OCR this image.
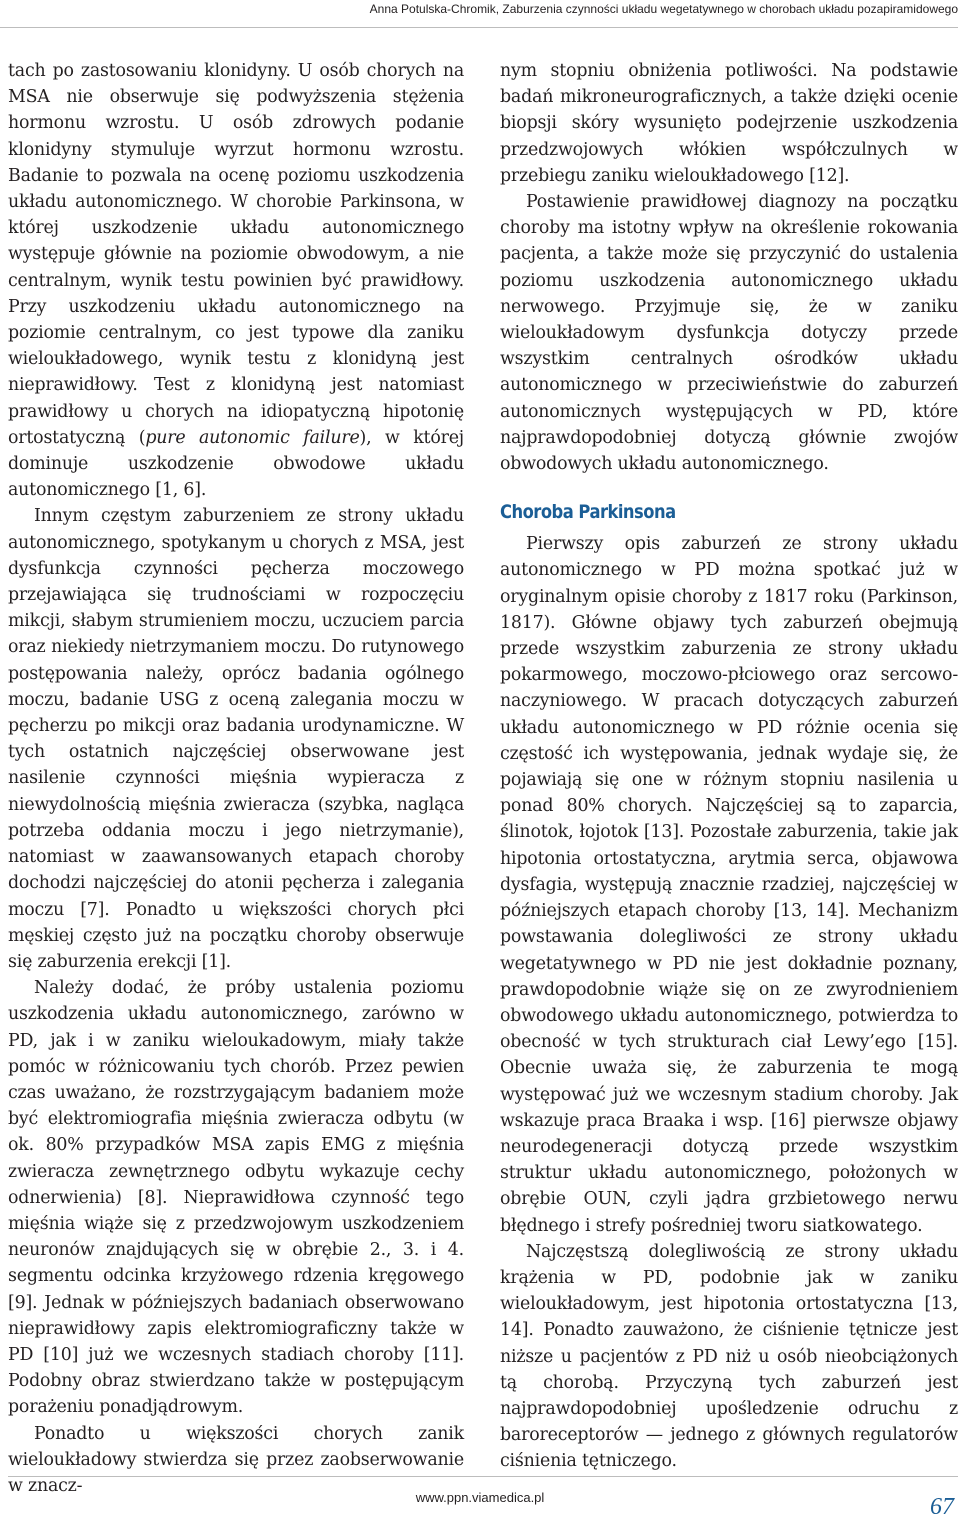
Anna Potulska-Chromik, Zaburzenia czynności układu wegetatywnego w chorobach układu pozapiramidowego

tach po zastosowaniu klonidyny. U osób chorych na MSA nie obserwuje się podwyższenia stężenia hormonu wzrostu. U osób zdrowych podanie klonidyny stymuluje wyrzut hormonu wzrostu. Badanie to pozwala na ocenę poziomu uszkodzenia układu autonomicznego. W chorobie Parkinsona, w której uszkodzenie układu autonomicznego występuje głównie na poziomie obwodowym, a nie centralnym, wynik testu powinien być prawidłowy. Przy uszkodzeniu układu autonomicznego na poziomie centralnym, co jest typowe dla zaniku wieloukładowego, wynik testu z klonidyną jest nieprawidłowy. Test z klonidyną jest natomiast prawidłowy u chorych na idiopatyczną hipotonię ortostatyczną (pure autonomic failure), w której dominuje uszkodzenie obwodowe układu autonomicznego [1, 6].

Innym częstym zaburzeniem ze strony układu autonomicznego, spotykanym u chorych z MSA, jest dysfunkcja czynności pęcherza moczowego przejawiająca się trudnościami w rozpoczęciu mikcji, słabym strumieniem moczu, uczuciem parcia oraz niekiedy nietrzymaniem moczu. Do rutynowego postępowania należy, oprócz badania ogólnego moczu, badanie USG z oceną zalegania moczu w pęcherzu po mikcji oraz badania urodynamiczne. W tych ostatnich najczęściej obserwowane jest nasilenie czynności mięśnia wypieracza z niewydolnością mięśnia zwieracza (szybka, nagląca potrzeba oddania moczu i jego nietrzymanie), natomiast w zaawansowanych etapach choroby dochodzi najczęściej do atonii pęcherza i zalegania moczu [7]. Ponadto u większości chorych płci męskiej często już na początku choroby obserwuje się zaburzenia erekcji [1].

Należy dodać, że próby ustalenia poziomu uszkodzenia układu autonomicznego, zarówno w PD, jak i w zaniku wieloukadowym, miały także pomóc w różnicowaniu tych chorób. Przez pewien czas uważano, że rozstrzygającym badaniem może być elektromiografia mięśnia zwieracza odbytu (w ok. 80% przypadków MSA zapis EMG z mięśnia zwieracza zewnętrznego odbytu wykazuje cechy odnerwienia) [8]. Nieprawidłowa czynność tego mięśnia wiąże się z przedzwojowym uszkodzeniem neuronów znajdujących się w obrębie 2., 3. i 4. segmentu odcinka krzyżowego rdzenia kręgowego [9]. Jednak w późniejszych badaniach obserwowano nieprawidłowy zapis elektromiograficzny także w PD [10] już we wczesnych stadiach choroby [11]. Podobny obraz stwierdzano także w postępującym porażeniu ponadjądrowym.

Ponadto u większości chorych zanik wieloukładowy stwierdza się przez zaobserwowanie w znacz-

nym stopniu obniżenia potliwości. Na podstawie badań mikroneurograficznych, a także dzięki ocenie biopsji skóry wysunięto podejrzenie uszkodzenia przedzwojowych włókien współczulnych w przebiegu zaniku wieloukładowego [12].

Postawienie prawidłowej diagnozy na początku choroby ma istotny wpływ na określenie rokowania pacjenta, a także może się przyczynić do ustalenia poziomu uszkodzenia autonomicznego układu nerwowego. Przyjmuje się, że w zaniku wieloukładowym dysfunkcja dotyczy przede wszystkim centralnych ośrodków układu autonomicznego w przeciwieństwie do zaburzeń autonomicznych występujących w PD, które najprawdopodobniej dotyczą głównie zwojów obwodowych układu autonomicznego.

Choroba Parkinsona

Pierwszy opis zaburzeń ze strony układu autonomicznego w PD można spotkać już w oryginalnym opisie choroby z 1817 roku (Parkinson, 1817). Główne objawy tych zaburzeń obejmują przede wszystkim zaburzenia ze strony układu pokarmowego, moczowo-płciowego oraz sercowo-naczyniowego. W pracach dotyczących zaburzeń układu autonomicznego w PD różnie ocenia się częstość ich występowania, jednak wydaje się, że pojawiają się one w różnym stopniu nasilenia u ponad 80% chorych. Najczęściej są to zaparcia, ślinotok, łojotok [13]. Pozostałe zaburzenia, takie jak hipotonia ortostatyczna, arytmia serca, objawowa dysfagia, występują znacznie rzadziej, najczęściej w późniejszych etapach choroby [13, 14]. Mechanizm powstawania dolegliwości ze strony układu wegetatywnego w PD nie jest dokładnie poznany, prawdopodobnie wiąże się on ze zwyrodnieniem obwodowego układu autonomicznego, potwierdza to obecność w tych strukturach ciał Lewy’ego [15]. Obecnie uważa się, że zaburzenia te mogą występować już we wczesnym stadium choroby. Jak wskazuje praca Braaka i wsp. [16] pierwsze objawy neurodegeneracji dotyczą przede wszystkim struktur układu autonomicznego, położonych w obrębie OUN, czyli jądra grzbietowego nerwu błędnego i strefy pośredniej tworu siatkowatego.

Najczęstszą dolegliwością ze strony układu krążenia w PD, podobnie jak w zaniku wieloukładowym, jest hipotonia ortostatyczna [13, 14]. Ponadto zauważono, że ciśnienie tętnicze jest niższe u pacjentów z PD niż u osób nieobciążonych tą chorobą. Przyczyną tych zaburzeń jest najprawdopodobniej upośledzenie odruchu z baroreceptorów — jednego z głównych regulatorów ciśnienia tętniczego.

www.ppn.viamedica.pl	67
